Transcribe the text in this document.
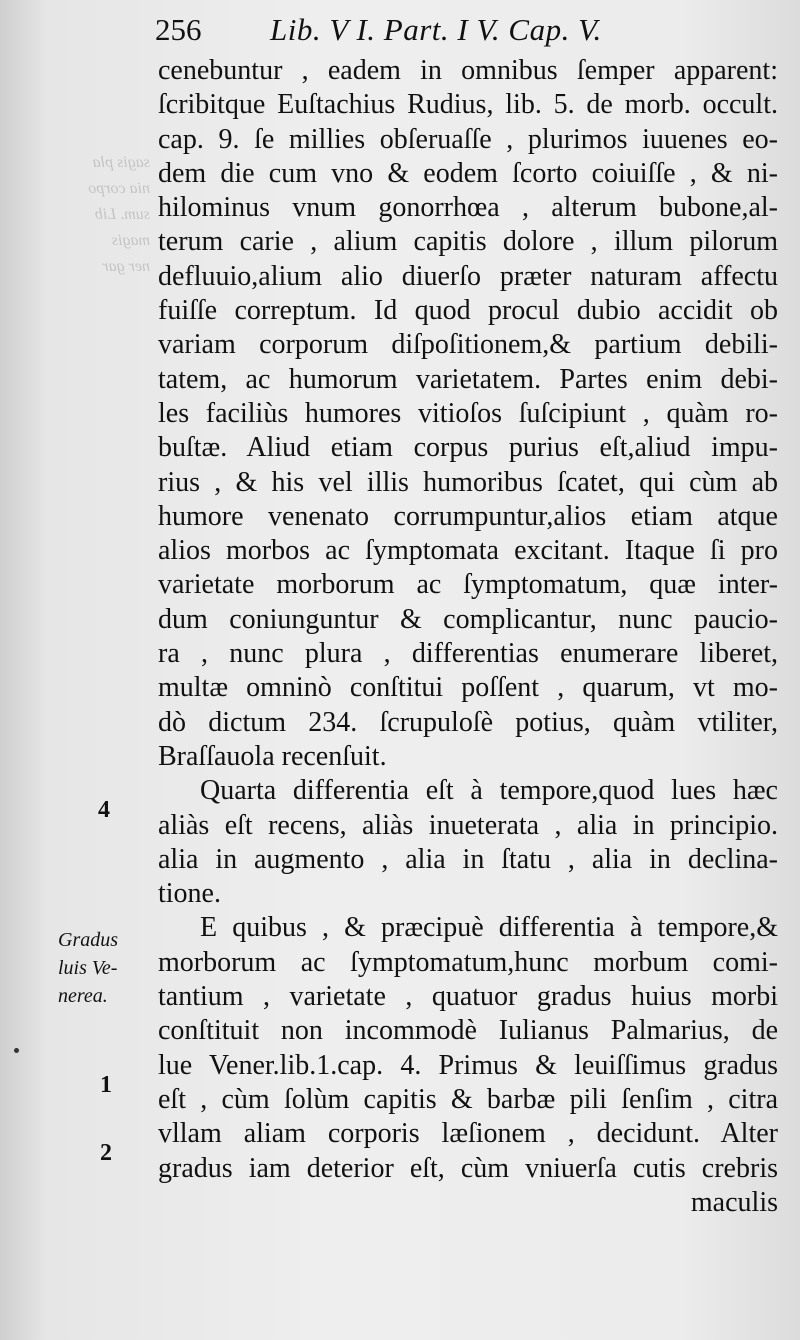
sagis pla
nia corpo
sum. Lib
magis
ner gar
256 Lib. V I. Part. I V. Cap. V.
cenebuntur , eadem in omnibus ſemper apparent:
ſcribitque Euſtachius Rudius, lib. 5. de morb. occult.
cap. 9. ſe millies obſeruaſſe , plurimos iuuenes eo-
dem die cum vno & eodem ſcorto coiuiſſe , & ni-
hilominus vnum gonorrhœa , alterum bubone,al-
terum carie , alium capitis dolore , illum pilorum
defluuio,alium alio diuerſo præter naturam affectu
fuiſſe correptum. Id quod procul dubio accidit ob
variam corporum diſpoſitionem,& partium debili-
tatem, ac humorum varietatem. Partes enim debi-
les faciliùs humores vitioſos ſuſcipiunt , quàm ro-
buſtæ. Aliud etiam corpus purius eſt,aliud impu-
rius , & his vel illis humoribus ſcatet, qui cùm ab
humore venenato corrumpuntur,alios etiam atque
alios morbos ac ſymptomata excitant. Itaque ſi pro
varietate morborum ac ſymptomatum, quæ inter-
dum coniunguntur & complicantur, nunc paucio-
ra , nunc plura , differentias enumerare liberet,
multæ omninò conſtitui poſſent , quarum, vt mo-
dò dictum 234. ſcrupuloſè potius, quàm vtiliter,
Braſſauola recenſuit.
Quarta differentia eſt à tempore,quod lues hæc
aliàs eſt recens, aliàs inueterata , alia in principio.
alia in augmento , alia in ſtatu , alia in declina-
tione.
E quibus , & præcipuè differentia à tempore,&
morborum ac ſymptomatum,hunc morbum comi-
tantium , varietate , quatuor gradus huius morbi
conſtituit non incommodè Iulianus Palmarius, de
lue Vener.lib.1.cap. 4. Primus & leuiſſimus gradus
eſt , cùm ſolùm capitis & barbæ pili ſenſim , citra
vllam aliam corporis læſionem , decidunt. Alter
gradus iam deterior eſt, cùm vniuerſa cutis crebris
maculis
4
Gradus
luis Ve-
nerea.
1
2
